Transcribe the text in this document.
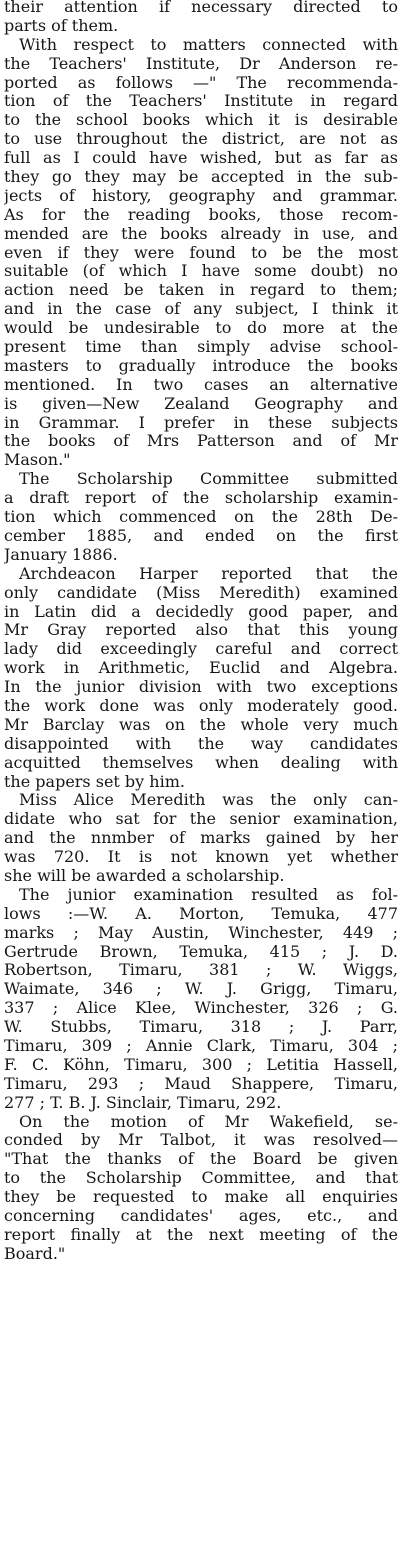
their attention if necessary directed to
parts of them.
With respect to matters connected with
the Teachers' Institute, Dr Anderson re-
ported as follows —" The recommenda-
tion of the Teachers' Institute in regard
to the school books which it is desirable
to use throughout the district, are not as
full as I could have wished, but as far as
they go they may be accepted in the sub-
jects of history, geography and grammar.
As for the reading books, those recom-
mended are the books already in use, and
even if they were found to be the most
suitable (of which I have some doubt) no
action need be taken in regard to them;
and in the case of any subject, I think it
would be undesirable to do more at the
present time than simply advise school-
masters to gradually introduce the books
mentioned. In two cases an alternative
is given—New Zealand Geography and
in Grammar. I prefer in these subjects
the books of Mrs Patterson and of Mr
Mason."
The Scholarship Committee submitted
a draft report of the scholarship examin-
tion which commenced on the 28th De-
cember 1885, and ended on the first
January 1886.
Archdeacon Harper reported that the
only candidate (Miss Meredith) examined
in Latin did a decidedly good paper, and
Mr Gray reported also that this young
lady did exceedingly careful and correct
work in Arithmetic, Euclid and Algebra.
In the junior division with two exceptions
the work done was only moderately good.
Mr Barclay was on the whole very much
disappointed with the way candidates
acquitted themselves when dealing with
the papers set by him.
Miss Alice Meredith was the only can-
didate who sat for the senior examination,
and the nnmber of marks gained by her
was 720. It is not known yet whether
she will be awarded a scholarship.
The junior examination resulted as fol-
lows :—W. A. Morton, Temuka, 477
marks ; May Austin, Winchester, 449 ;
Gertrude Brown, Temuka, 415 ; J. D.
Robertson, Timaru, 381 ; W. Wiggs,
Waimate, 346 ; W. J. Grigg, Timaru,
337 ; Alice Klee, Winchester, 326 ; G.
W. Stubbs, Timaru, 318 ; J. Parr,
Timaru, 309 ; Annie Clark, Timaru, 304 ;
F. C. Köhn, Timaru, 300 ; Letitia Hassell,
Timaru, 293 ; Maud Shappere, Timaru,
277 ; T. B. J. Sinclair, Timaru, 292.
On the motion of Mr Wakefield, se-
conded by Mr Talbot, it was resolved—
"That the thanks of the Board be given
to the Scholarship Committee, and that
they be requested to make all enquiries
concerning candidates' ages, etc., and
report finally at the next meeting of the
Board."
